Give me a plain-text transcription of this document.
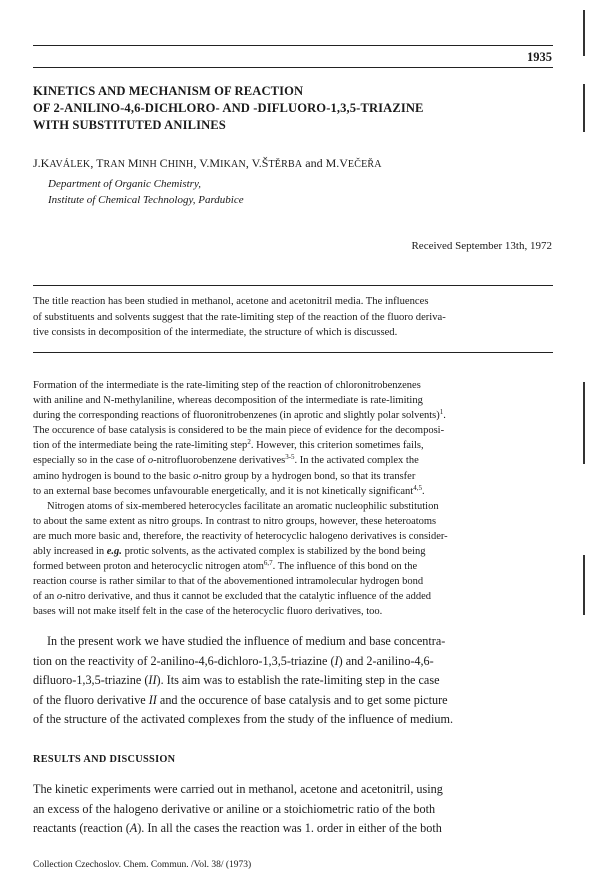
1935
KINETICS AND MECHANISM OF REACTION
OF 2-ANILINO-4,6-DICHLORO- AND -DIFLUORO-1,3,5-TRIAZINE
WITH SUBSTITUTED ANILINES
J.KAVÁLEK, TRAN MINH CHINH, V.MIKAN, V.ŠTĚRBA and M.VEČEŘA
Department of Organic Chemistry,
Institute of Chemical Technology, Pardubice
Received September 13th, 1972
The title reaction has been studied in methanol, acetone and acetonitril media. The influences
of substituents and solvents suggest that the rate-limiting step of the reaction of the fluoro deriva-
tive consists in decomposition of the intermediate, the structure of which is discussed.
Formation of the intermediate is the rate-limiting step of the reaction of chloronitrobenzenes
with aniline and N-methylaniline, whereas decomposition of the intermediate is rate-limiting
during the corresponding reactions of fluoronitrobenzenes (in aprotic and slightly polar solvents)$^1$.
The occurence of base catalysis is considered to be the main piece of evidence for the decomposi-
tion of the intermediate being the rate-limiting step$^2$. However, this criterion sometimes fails,
especially so in the case of o-nitrofluorobenzene derivatives$^{3-5}$. In the activated complex the
amino hydrogen is bound to the basic o-nitro group by a hydrogen bond, so that its transfer
to an external base becomes unfavourable energetically, and it is not kinetically significant$^{4,5}$.
Nitrogen atoms of six-membered heterocycles facilitate an aromatic nucleophilic substitution
to about the same extent as nitro groups. In contrast to nitro groups, however, these heteroatoms
are much more basic and, therefore, the reactivity of heterocyclic halogeno derivatives is consider-
ably increased in e.g. protic solvents, as the activated complex is stabilized by the bond being
formed between proton and heterocyclic nitrogen atom$^{6,7}$. The influence of this bond on the
reaction course is rather similar to that of the abovementioned intramolecular hydrogen bond
of an o-nitro derivative, and thus it cannot be excluded that the catalytic influence of the added
bases will not make itself felt in the case of the heterocyclic fluoro derivatives, too.
In the present work we have studied the influence of medium and base concentra-
tion on the reactivity of 2-anilino-4,6-dichloro-1,3,5-triazine (I) and 2-anilino-4,6-
difluoro-1,3,5-triazine (II). Its aim was to establish the rate-limiting step in the case
of the fluoro derivative II and the occurence of base catalysis and to get some picture
of the structure of the activated complexes from the study of the influence of medium.
RESULTS AND DISCUSSION
The kinetic experiments were carried out in methanol, acetone and acetonitril, using
an excess of the halogeno derivative or aniline or a stoichiometric ratio of the both
reactants (reaction (A). In all the cases the reaction was 1. order in either of the both
Collection Czechoslov. Chem. Commun. /Vol. 38/ (1973)
